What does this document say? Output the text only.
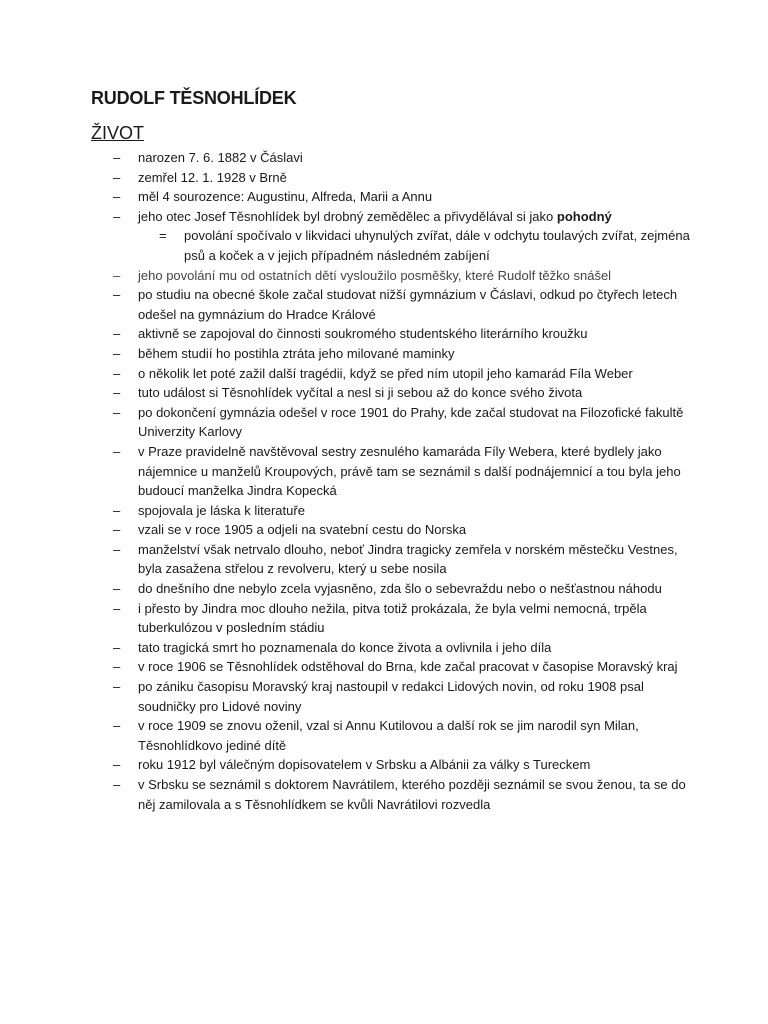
RUDOLF TĚSNOHLÍDEK
ŽIVOT
– narozen 7. 6. 1882 v Čáslavi
– zemřel 12. 1. 1928 v Brně
– měl 4 sourozence: Augustinu, Alfreda, Marii a Annu
– jeho otec Josef Těsnohlídek byl drobný zemědělec a přivydělával si jako pohodný
= povolání spočívalo v likvidaci uhynulých zvířat, dále v odchytu toulavých zvířat, zejména psů a koček a v jejich případném následném zabíjení
– jeho povolání mu od ostatních dětí vysloužilo posměšky, které Rudolf těžko snášel
– po studiu na obecné škole začal studovat nižší gymnázium v Čáslavi, odkud po čtyřech letech odešel na gymnázium do Hradce Králové
– aktivně se zapojoval do činnosti soukromého studentského literárního kroužku
– během studií ho postihla ztráta jeho milované maminky
– o několik let poté zažil další tragédii, když se před ním utopil jeho kamarád Fíla Weber
– tuto událost si Těsnohlídek vyčítal a nesl si ji sebou až do konce svého života
– po dokončení gymnázia odešel v roce 1901 do Prahy, kde začal studovat na Filozofické fakultě Univerzity Karlovy
– v Praze pravidelně navštěvoval sestry zesnulého kamaráda Fíly Webera, které bydlely jako nájemnice u manželů Kroupových, právě tam se seznámil s další podnájemnicí a tou byla jeho budoucí manželka Jindra Kopecká
– spojovala je láska k literatuře
– vzali se v roce 1905 a odjeli na svatební cestu do Norska
– manželství však netrvalo dlouho, neboť Jindra tragicky zemřela v norském městečku Vestnes, byla zasažena střelou z revolveru, který u sebe nosila
– do dnešního dne nebylo zcela vyjasněno, zda šlo o sebevraždu nebo o nešťastnou náhodu
– i přesto by Jindra moc dlouho nežila, pitva totiž prokázala, že byla velmi nemocná, trpěla tuberkulózou v posledním stádiu
– tato tragická smrt ho poznamenala do konce života a ovlivnila i jeho díla
– v roce 1906 se Těsnohlídek odstěhoval do Brna, kde začal pracovat v časopise Moravský kraj
– po zániku časopisu Moravský kraj nastoupil v redakci Lidových novin, od roku 1908 psal soudničky pro Lidové noviny
– v roce 1909 se znovu oženil, vzal si Annu Kutilovou a další rok se jim narodil syn Milan, Těsnohlídkovo jediné dítě
– roku 1912 byl válečným dopisovatelem v Srbsku a Albánii za války s Tureckem
– v Srbsku se seznámil s doktorem Navrátilem, kterého později seznámil se svou ženou, ta se do něj zamilovala a s Těsnohlídkem se kvůli Navrátilovi rozvedla
